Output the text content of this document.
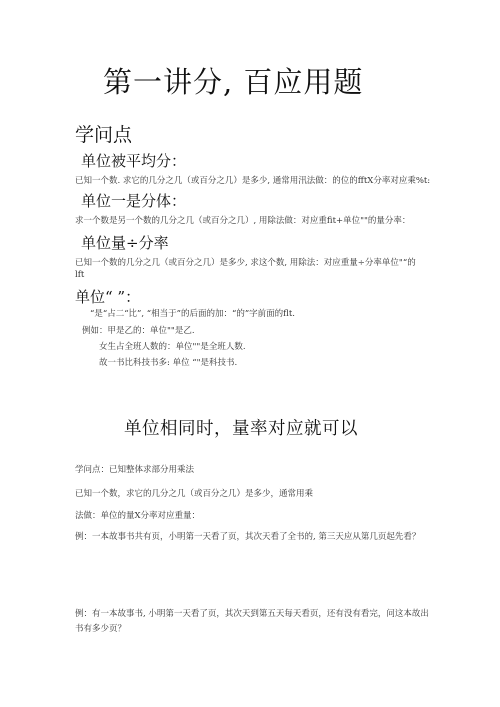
第一讲分, 百应用题
学问点
单位被平均分：
已知一个数. 求它的几分之几（或百分之几）是多少, 通常用汛法做：的位的fftX分率对应乘%t:
单位一是分体：
求一个数是另一个数的几分之几（或百分之几）, 用除法做：对应重fit+单位""的量分率：
单位量÷分率
已知一个数的几分之几（或百分之几）是多少, 求这个数, 用除法：对应重量÷分率单位"“的
lft
单位“ ”：
“是“占二“比”, “相当于”的后面的加：“的”字前面的flt.
例如：甲是乙的：单位""是乙.
女生占全班人数的：单位""是全班人数.
故一书比科技书多: 单位 “"是科技书.
单位相同时，量率对应就可以
学问点：已知整体求部分用乘法
已知一个数，求它的几分之几（或百分之几）是多少，通常用乘
法做：单位的量X分率对应重量：
例：一本故事书共有页，小明第一天看了页，其次天看了全书的, 第三天应从第几页起先看？
例：有一本故事书, 小明第一天看了页，其次天到第五天每天看页，还有没有看完，问这本故出
书有多少页？
